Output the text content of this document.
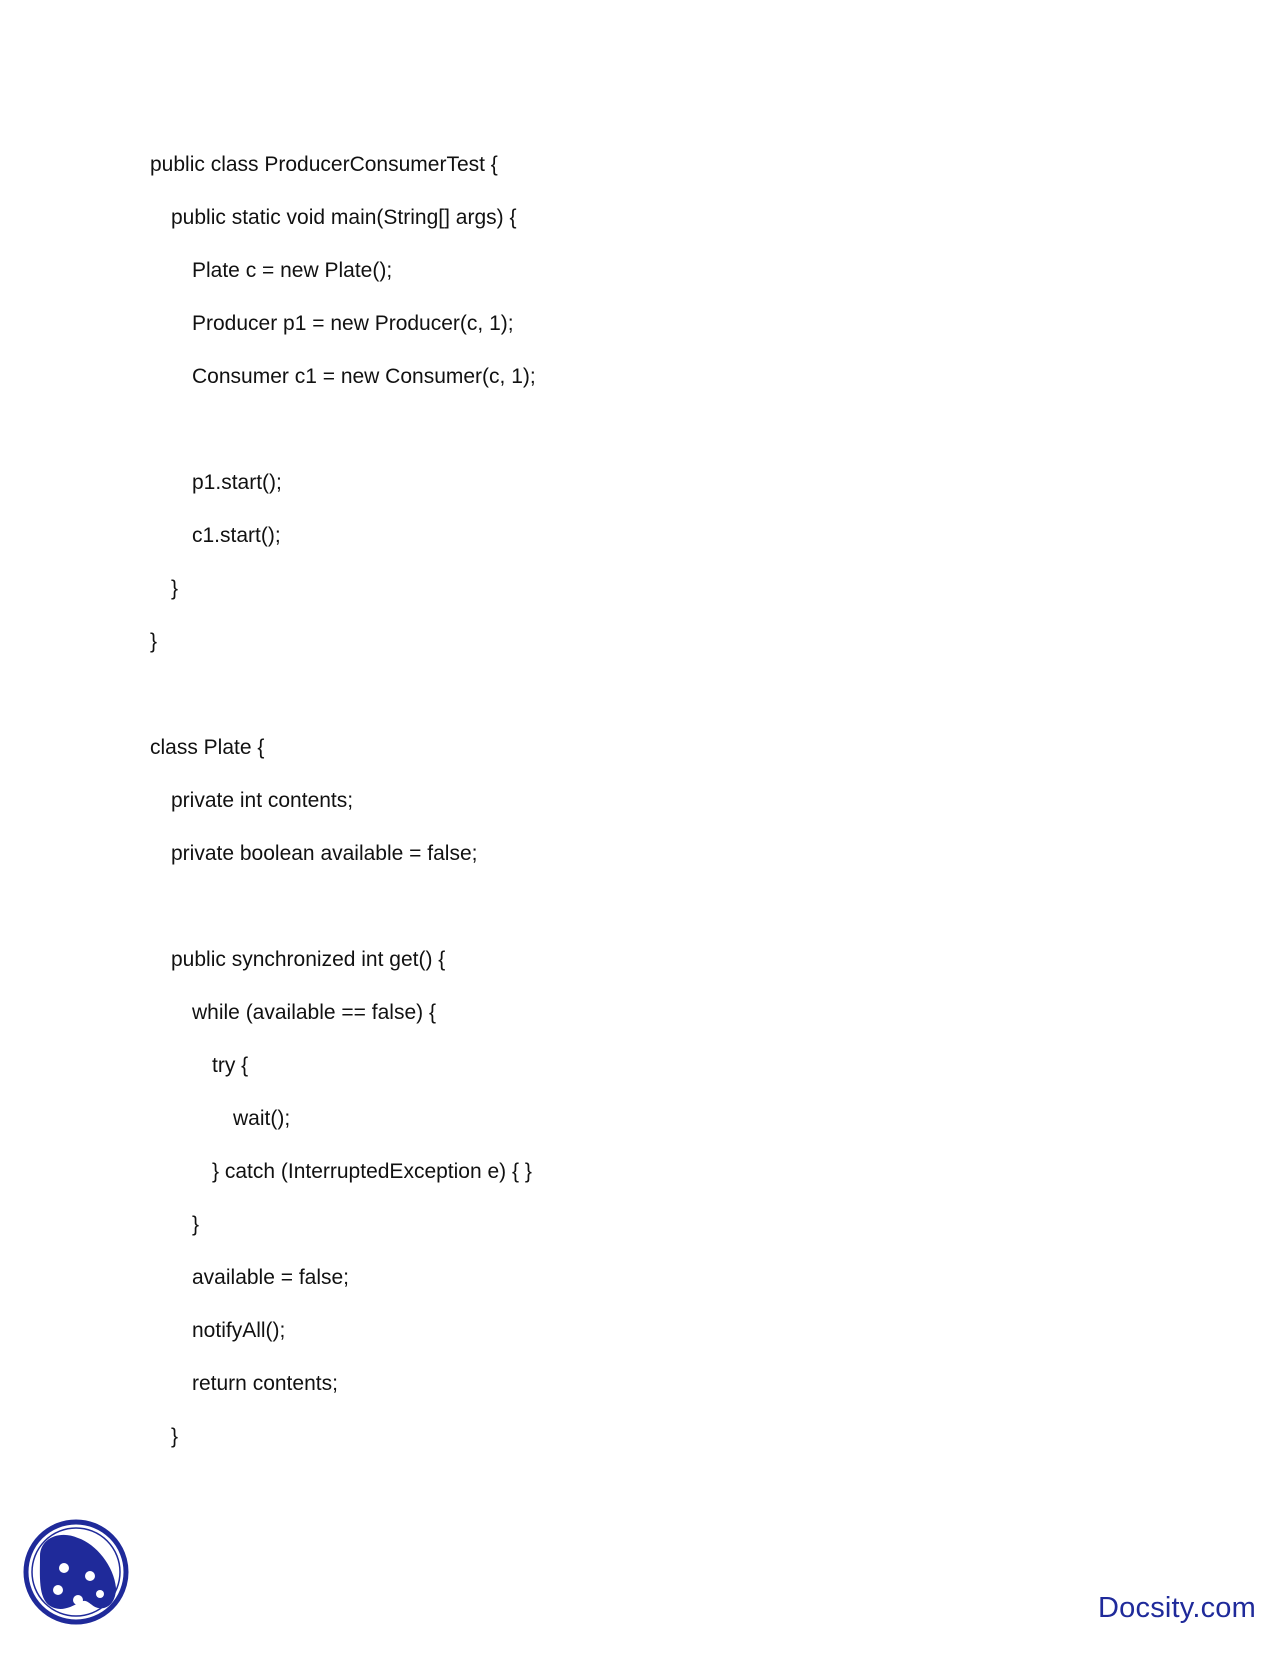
public class ProducerConsumerTest {
public static void main(String[] args) {
Plate c = new Plate();
Producer p1 = new Producer(c, 1);
Consumer c1 = new Consumer(c, 1);
p1.start();
c1.start();
}
}
class Plate {
private int contents;
private boolean available = false;
public synchronized int get() {
while (available == false) {
try {
wait();
} catch (InterruptedException e) { }
}
available = false;
notifyAll();
return contents;
}
Docsity.com
